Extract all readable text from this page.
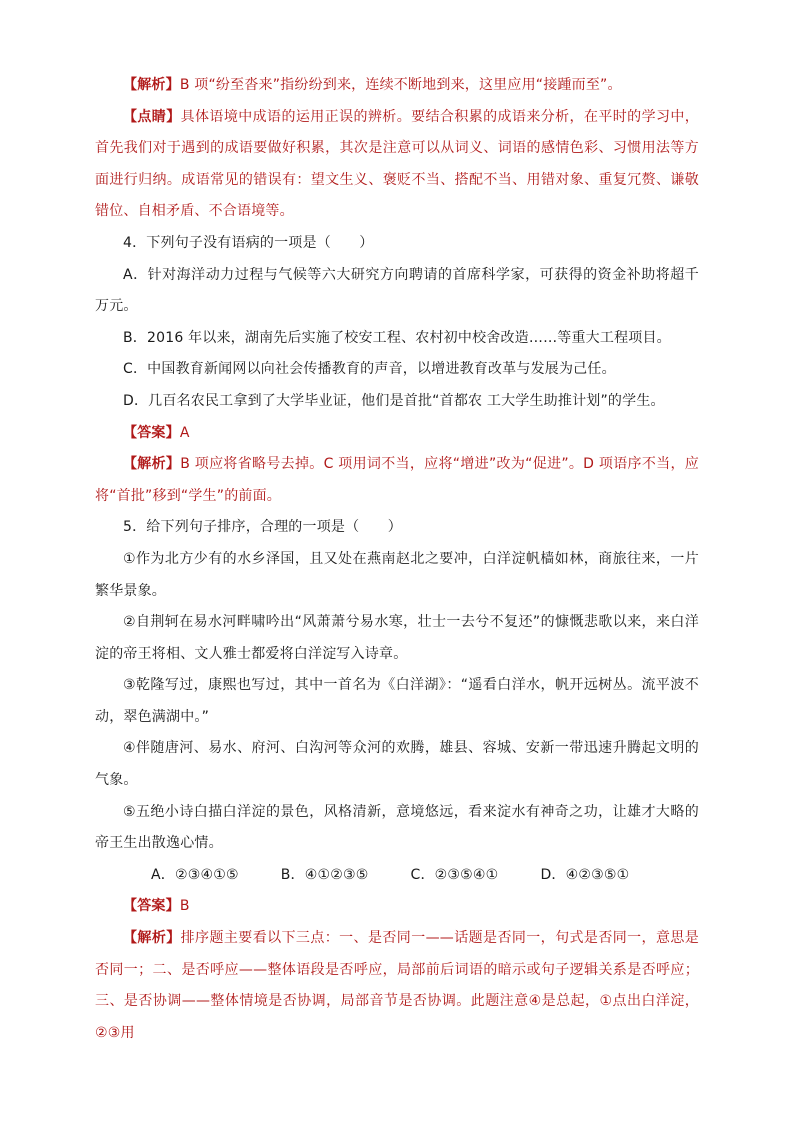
【解析】B 项“纷至沓来”指纷纷到来，连续不断地到来，这里应用“接踵而至”。

【点睛】具体语境中成语的运用正误的辨析。要结合积累的成语来分析，在平时的学习中，首先我们对于遇到的成语要做好积累，其次是注意可以从词义、词语的感情色彩、习惯用法等方面进行归纳。成语常见的错误有：望文生义、褒贬不当、搭配不当、用错对象、重复冗赘、谦敬错位、自相矛盾、不合语境等。

4．下列句子没有语病的一项是（　　）

A．针对海洋动力过程与气候等六大研究方向聘请的首席科学家，可获得的资金补助将超千万元。

B．2016 年以来，湖南先后实施了校安工程、农村初中校舍改造……等重大工程项目。

C．中国教育新闻网以向社会传播教育的声音，以增进教育改革与发展为己任。

D．几百名农民工拿到了大学毕业证，他们是首批“首都农 工大学生助推计划”的学生。

【答案】A

【解析】B 项应将省略号去掉。C 项用词不当，应将“增进”改为“促进”。D 项语序不当，应将“首批”移到“学生”的前面。

5．给下列句子排序，合理的一项是（　　）

①作为北方少有的水乡泽国，且又处在燕南赵北之要冲，白洋淀帆樯如林，商旅往来，一片繁华景象。

②自荆轲在易水河畔啸吟出“风萧萧兮易水寒，壮士一去兮不复还”的慷慨悲歌以来，来白洋淀的帝王将相、文人雅士都爱将白洋淀写入诗章。

③乾隆写过，康熙也写过，其中一首名为《白洋湖》：“遥看白洋水，帆开远树丛。流平波不动，翠色满湖中。”

④伴随唐河、易水、府河、白沟河等众河的欢腾，雄县、容城、安新一带迅速升腾起文明的气象。

⑤五绝小诗白描白洋淀的景色，风格清新，意境悠远，看来淀水有神奇之功，让雄才大略的帝王生出散逸心情。

A．②③④①⑤	B．④①②③⑤	C．②③⑤④①	D．④②③⑤①

【答案】B

【解析】排序题主要看以下三点：一、是否同一——话题是否同一，句式是否同一，意思是否同一；二、是否呼应——整体语段是否呼应，局部前后词语的暗示或句子逻辑关系是否呼应；三、是否协调——整体情境是否协调，局部音节是否协调。此题注意④是总起，①点出白洋淀，②③用
